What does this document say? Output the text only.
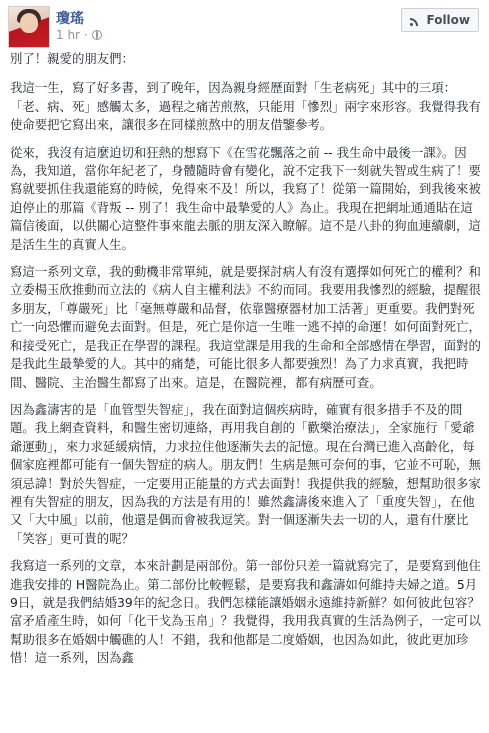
瓊瑤
1 hr ·
Follow

別了！親愛的朋友們：

我這一生，寫了好多書，到了晚年，因為親身經歷面對「生老病死」其中的三項：「老、病、死」感觸太多，過程之痛苦煎熬，只能用「慘烈」兩字來形容。我覺得我有使命要把它寫出來，讓很多在同樣煎熬中的朋友借鑒參考。

從來，我沒有這麼迫切和狂熱的想寫下《在雪花飄落之前 -- 我生命中最後一課》。因為，我知道，當你年紀老了，身體隨時會有變化，說不定我下一刻就失智或生病了！要寫就要抓住我還能寫的時候，免得來不及！所以，我寫了！從第一篇開始，到我後來被迫停止的那篇《背叛 -- 別了！我生命中最摯愛的人》為止。我現在把網址通通貼在這篇信後面，以供關心這整件事來龍去脈的朋友深入瞭解。這不是八卦的狗血連續劇，這是活生生的真實人生。

寫這一系列文章，我的動機非常單純，就是要探討病人有沒有選擇如何死亡的權利？和立委楊玉欣推動而立法的《病人自主權利法》不約而同。我要用我慘烈的經驗，提醒很多朋友，「尊嚴死」比「毫無尊嚴和品督，依靠醫療器材加工活著」更重要。我們對死亡一向恐懼而避免去面對。但是，死亡是你這一生唯一逃不掉的命運！如何面對死亡，和接受死亡，是我正在學習的課程。我這堂課是用我的生命和全部感情在學習，面對的是我此生最摯愛的人。其中的痛楚，可能比很多人都要強烈！為了力求真實，我把時間、醫院、主治醫生都寫了出來。這是，在醫院裡，都有病歷可查。

因為鑫濤害的是「血管型失智症」，我在面對這個疾病時，確實有很多措手不及的問題。我上網查資料，和醫生密切連絡，再用我自創的「歡樂治療法」，全家施行「愛爺爺運動」，來力求延緩病情，力求拉住他逐漸失去的記憶。現在台灣已進入高齡化，每個家庭裡都可能有一個失智症的病人。朋友們！生病是無可奈何的事，它並不可恥，無須忌諱！對於失智症，一定要用正能量的方式去面對！我提供我的經驗，想幫助很多家裡有失智症的朋友，因為我的方法是有用的！雖然鑫濤後來進入了「重度失智」，在他又「大中風」以前，他還是偶而會被我逗笑。對一個逐漸失去一切的人，還有什麼比「笑容」更可貴的呢？

我寫這一系列的文章，本來計劃是兩部份。第一部份只差一篇就寫完了，是要寫到他住進我安排的 H醫院為止。第二部份比較輕鬆，是要寫我和鑫濤如何維持夫婦之道。5月9日，就是我們結婚39年的紀念日。我們怎樣能讓婚姻永遠維持新鮮？如何彼此包容？富矛盾產生時，如何「化干戈為玉帛」？我覺得，我用我真實的生活為例子，一定可以幫助很多在婚姻中觸礁的人！不錯，我和他都是二度婚姻，也因為如此，彼此更加珍惜！這一系列，因為鑫
